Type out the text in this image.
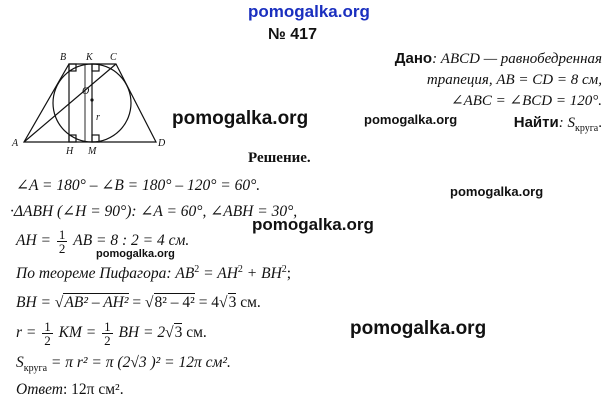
pomogalka.org
№ 417
B K C
O
r
A
H M
D
Дано: ABCD — равнобедренная
трапеция, AB = CD = 8 см,
∠ABC = ∠BCD = 120°.
Найти: $S_{круга}$.
pomogalka.org	pomogalka.org
pomogalka.org
pomogalka.org
pomogalka.org
pomogalka.org
Решение.
∠A = 180° – ∠B = 180° – 120° = 60°.
·ΔABH (∠H = 90°): ∠A = 60°, ∠ABH = 30°,
AH = $\frac{1}{2}$ AB = 8 : 2 = 4 см.
По теореме Пифагора: $AB^2 = AH^2 + BH^2$;
BH = √AB² – AH² = √8² – 4² = 4√3 см.
$r = \frac{1}{2}$ KM = $\frac{1}{2}$ BH = 2√3 см.
$S_{круга} = \pi$ r² = π (2√3 )² = 12π см².
Ответ: 12π см².
